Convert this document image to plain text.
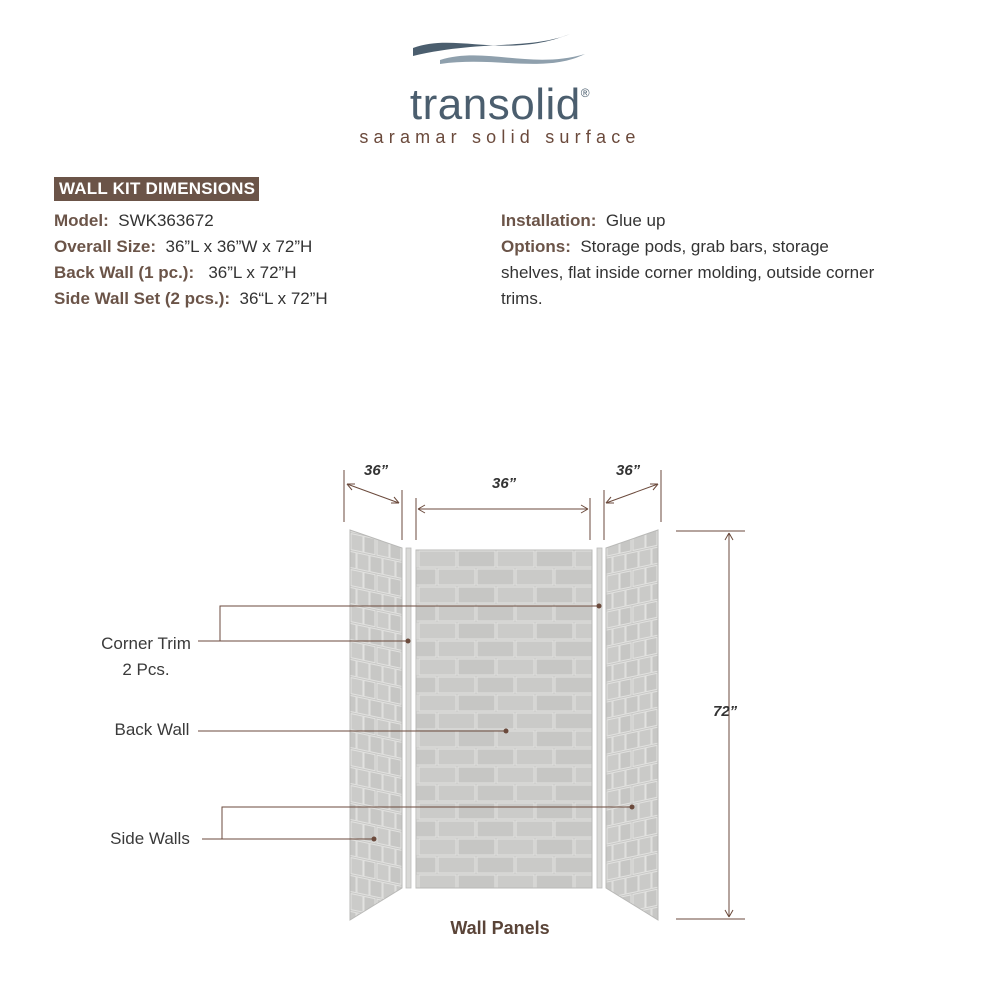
transolid®
saramar solid surface
WALL KIT DIMENSIONS
Model: SWK363672
Overall Size: 36”L x 36”W x 72”H
Back Wall (1 pc.): 36”L x 72”H
Side Wall Set (2 pcs.): 36“L x 72”H
Installation: Glue up
Options: Storage pods, grab bars, storage shelves, flat inside corner molding, outside corner trims.
36”
36”
36”
72”
Corner Trim
2 Pcs.
Back Wall
Side Walls
Wall Panels
